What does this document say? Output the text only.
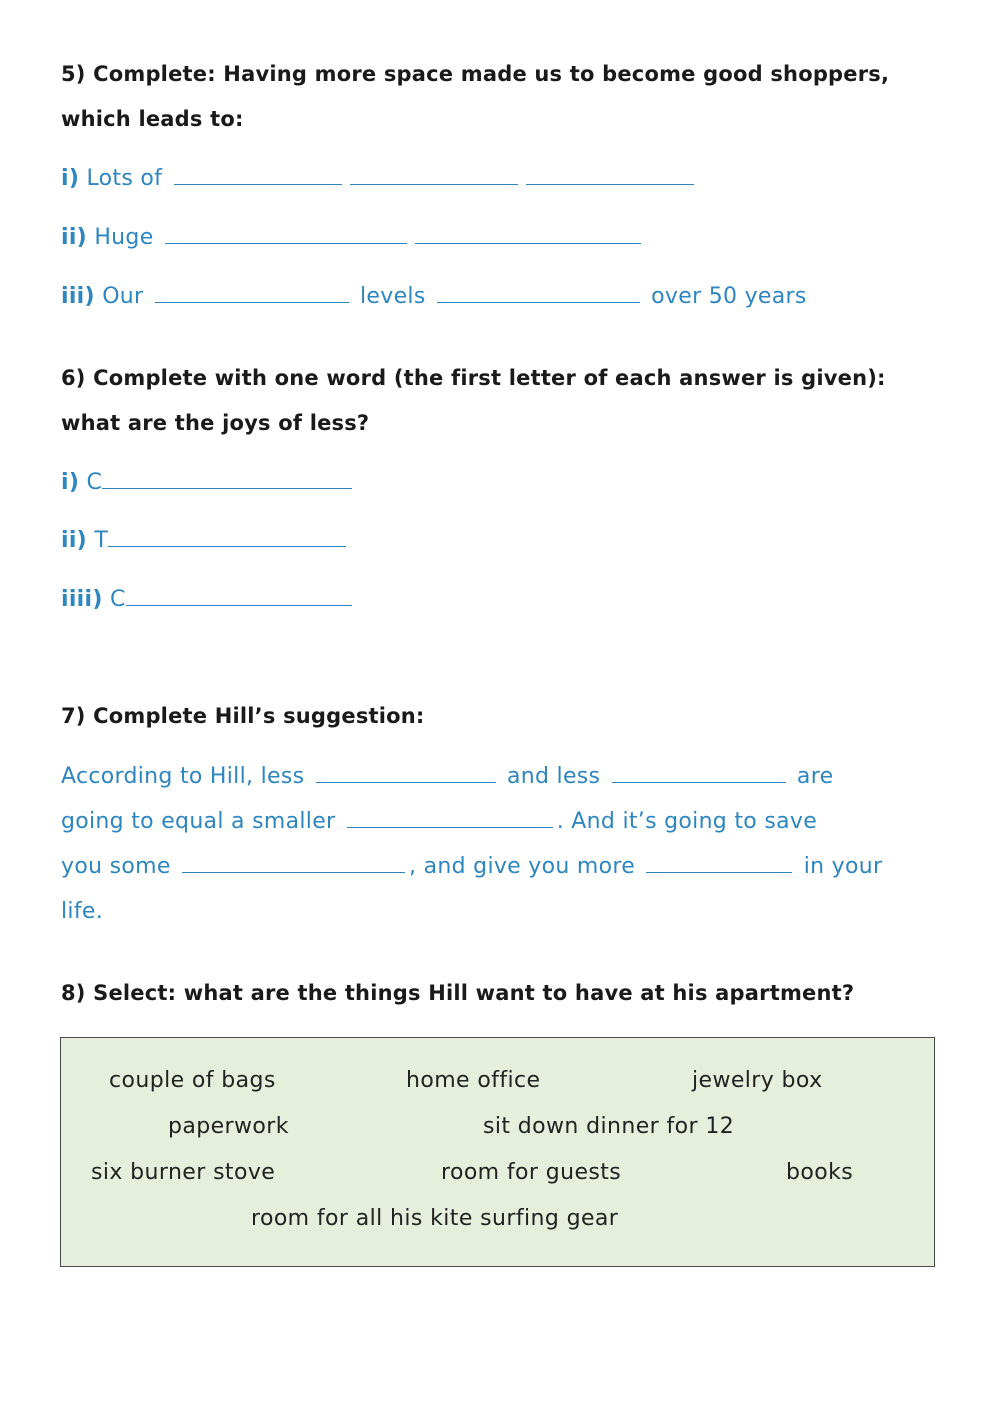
5) Complete: Having more space made us to become good shoppers,
which leads to:
i) Lots of
ii) Huge
iii) Our	levels	over 50 years
6) Complete with one word (the first letter of each answer is given):
what are the joys of less?
i) C
ii) T
iiii) C
7) Complete Hill’s suggestion:
According to Hill, less	and less	are
going to equal a smaller	. And it’s going to save
you some	, and give you more	in your
life.
8) Select: what are the things Hill want to have at his apartment?
couple of bags	home office	jewelry box
paperwork	sit down dinner for 12
six burner stove	room for guests	books
room for all his kite surfing gear
